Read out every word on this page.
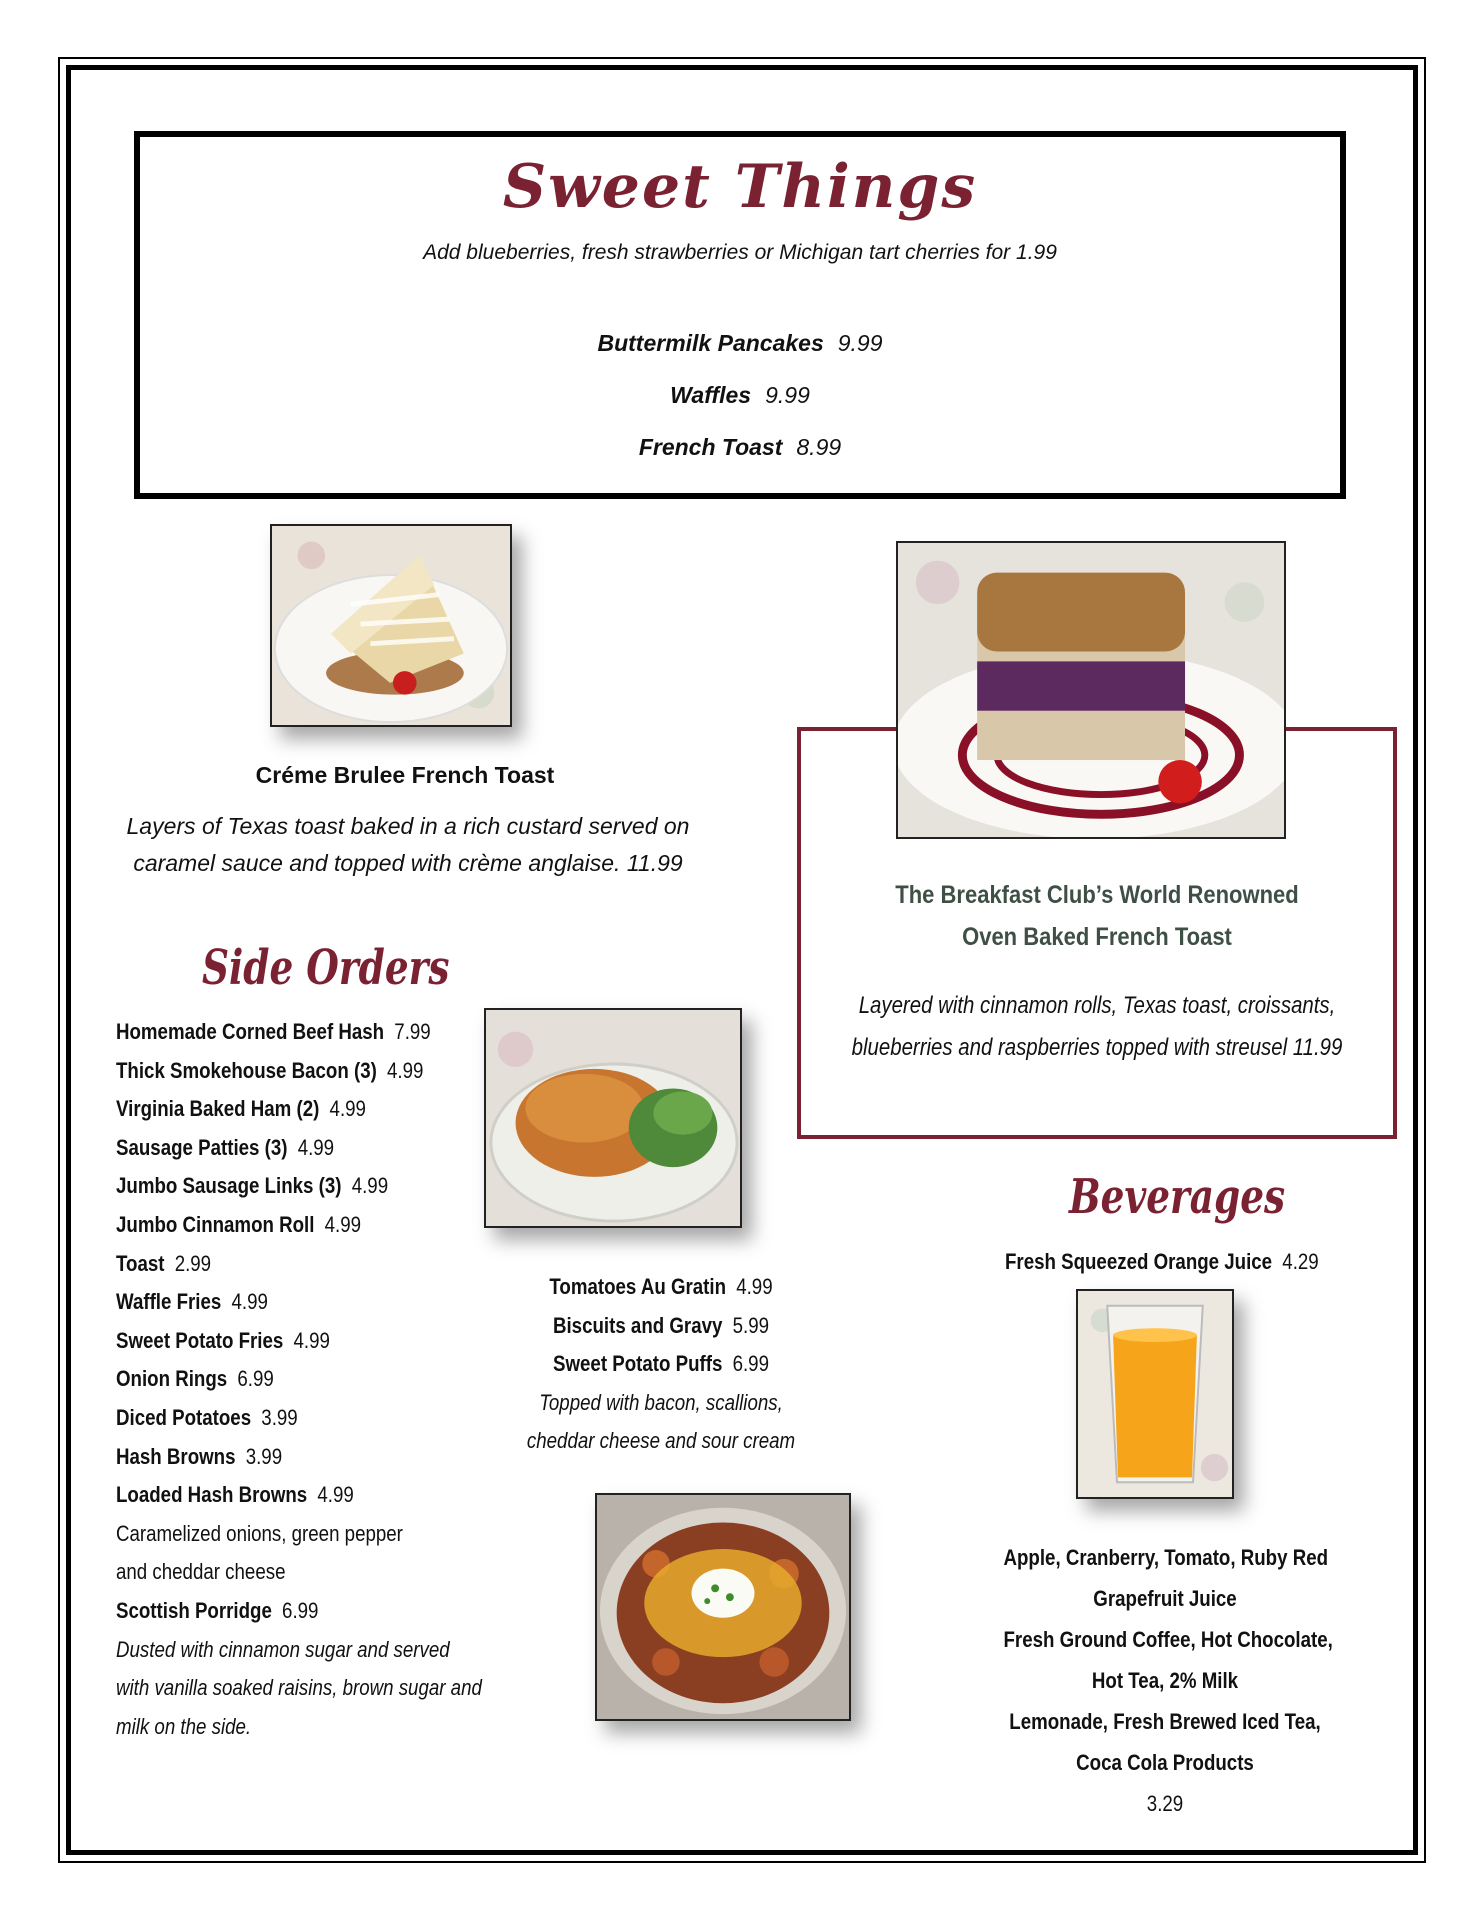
Sweet Things
Add blueberries, fresh strawberries or Michigan tart cherries for 1.99
Buttermilk Pancakes 9.99
Waffles 9.99
French Toast 8.99
Créme Brulee French Toast
Layers of Texas toast baked in a rich custard served on
caramel sauce and topped with crème anglaise. 11.99
The Breakfast Club’s World Renowned
Oven Baked French Toast
Layered with cinnamon rolls, Texas toast, croissants,
blueberries and raspberries topped with streusel 11.99
Side Orders
Homemade Corned Beef Hash 7.99
Thick Smokehouse Bacon (3) 4.99
Virginia Baked Ham (2) 4.99
Sausage Patties (3) 4.99
Jumbo Sausage Links (3) 4.99
Jumbo Cinnamon Roll 4.99
Toast 2.99
Waffle Fries 4.99
Sweet Potato Fries 4.99
Onion Rings 6.99
Diced Potatoes 3.99
Hash Browns 3.99
Loaded Hash Browns 4.99
Caramelized onions, green pepper
and cheddar cheese
Scottish Porridge 6.99
Dusted with cinnamon sugar and served
with vanilla soaked raisins, brown sugar and
milk on the side.
Tomatoes Au Gratin 4.99
Biscuits and Gravy 5.99
Sweet Potato Puffs 6.99
Topped with bacon, scallions,
cheddar cheese and sour cream
Beverages
Fresh Squeezed Orange Juice 4.29
Apple, Cranberry, Tomato, Ruby Red
Grapefruit Juice
Fresh Ground Coffee, Hot Chocolate,
Hot Tea, 2% Milk
Lemonade, Fresh Brewed Iced Tea,
Coca Cola Products
3.29
